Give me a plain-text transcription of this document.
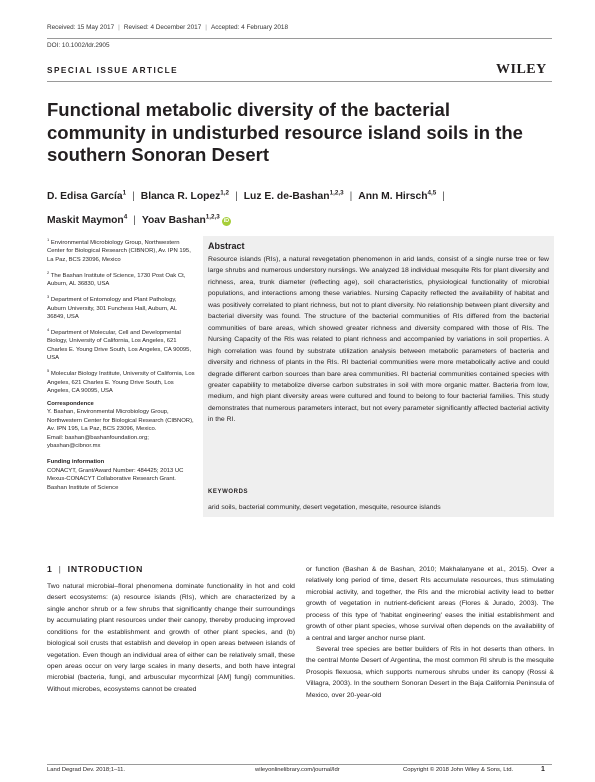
Received: 15 May 2017 | Revised: 4 December 2017 | Accepted: 4 February 2018
DOI: 10.1002/ldr.2905
SPECIAL ISSUE ARTICLE	WILEY
Functional metabolic diversity of the bacterial community in undisturbed resource island soils in the southern Sonoran Desert
D. Edisa García$^1$ | Blanca R. Lopez$^{1,2}$ | Luz E. de-Bashan$^{1,2,3}$ | Ann M. Hirsch$^{4,5}$ |
Maskit Maymon$^4$ | Yoav Bashan$^{1,2,3}$iD

$^1$ Environmental Microbiology Group, Northwestern Center for Biological Research (CIBNOR), Av. IPN 195, La Paz, BCS 23096, Mexico

$^2$ The Bashan Institute of Science, 1730 Post Oak Ct, Auburn, AL 36830, USA

$^3$ Department of Entomology and Plant Pathology, Auburn University, 301 Funchess Hall, Auburn, AL 36849, USA

$^4$ Department of Molecular, Cell and Developmental Biology, University of California, Los Angeles, 621 Charles E. Young Drive South, Los Angeles, CA 90095, USA

$^5$ Molecular Biology Institute, University of California, Los Angeles, 621 Charles E. Young Drive South, Los Angeles, CA 90095, USA

Correspondence

Y. Bashan, Environmental Microbiology Group, Northwestern Center for Biological Research (CIBNOR), Av. IPN 195, La Paz, BCS 23096, Mexico.

Email: bashan@bashanfoundation.org; ybashan@cibnor.mx

Funding information

CONACYT, Grant/Award Number: 484425; 2013 UC Mexus-CONACYT Collaborative Research Grant. Bashan Institute of Science

Abstract
Resource islands (RIs), a natural revegetation phenomenon in arid lands, consist of a single nurse tree or few large shrubs and numerous understory nurslings. We analyzed 18 individual mesquite RIs for plant diversity and richness, area, trunk diameter (reflecting age), soil characteristics, physiological functionality of microbial populations, and interactions among these variables. Nursing Capacity reflected the availability of habitat and was positively correlated to plant richness, but not to plant diversity. No relationship between plant diversity and bacterial diversity was found. The structure of the bacterial communities of RIs differed from the bacterial communities of bare areas, which showed greater richness and diversity compared with those of RIs. The Nursing Capacity of the RIs was related to plant richness and accompanied by variations in soil properties. A high correlation was found by substrate utilization analysis between metabolic parameters of bacteria and diversity and richness of plants in the RIs. RI bacterial communities were more metabolically active and could degrade different carbon sources than bare area communities. RI bacterial communities contained species with greater capability to metabolize diverse carbon substrates in soil with more organic matter. Bacteria from low, medium, and high plant diversity areas were cultured and found to belong to four bacterial families. This study demonstrates that numerous parameters interact, but not every parameter significantly affected bacterial activity in the RI.
KEYWORDS
arid soils, bacterial community, desert vegetation, mesquite, resource islands
1 | INTRODUCTION
Two natural microbial–floral phenomena dominate functionality in hot and cold desert ecosystems: (a) resource islands (RIs), which are characterized by a single anchor shrub or a few shrubs that significantly change their surroundings by accumulating plant resources under their canopy, thereby producing improved conditions for the establishment and growth of other plant species, and (b) biological soil crusts that establish and develop in open areas between islands of vegetation. Even though an individual area of either can be relatively small, these open areas occur on very large scales in many deserts, and both have integral microbial (bacteria, fungi, and arbuscular mycorrhizal [AM] fungi) communities. Without microbes, ecosystems cannot be created

or function (Bashan & de Bashan, 2010; Makhalanyane et al., 2015). Over a relatively long period of time, desert RIs accumulate resources, thus stimulating microbial activity, and together, the RIs and the microbial activity lead to better growth of vegetation in nutrient-deficient areas (Flores & Jurado, 2003). The process of this type of 'habitat engineering' eases the initial establishment and growth of other plant species, whose survival often depends on the availability of a central and larger anchor nurse plant.

Several tree species are better builders of RIs in hot deserts than others. In the central Monte Desert of Argentina, the most common RI shrub is the mesquite Prosopis flexuosa, which supports numerous shrubs under its canopy (Rossi & Villagra, 2003). In the southern Sonoran Desert in the Baja California Peninsula of Mexico, over 20-year-old

Land Degrad Dev. 2018;1–11.	wileyonlinelibrary.com/journal/ldr	Copyright © 2018 John Wiley & Sons, Ltd.	1
